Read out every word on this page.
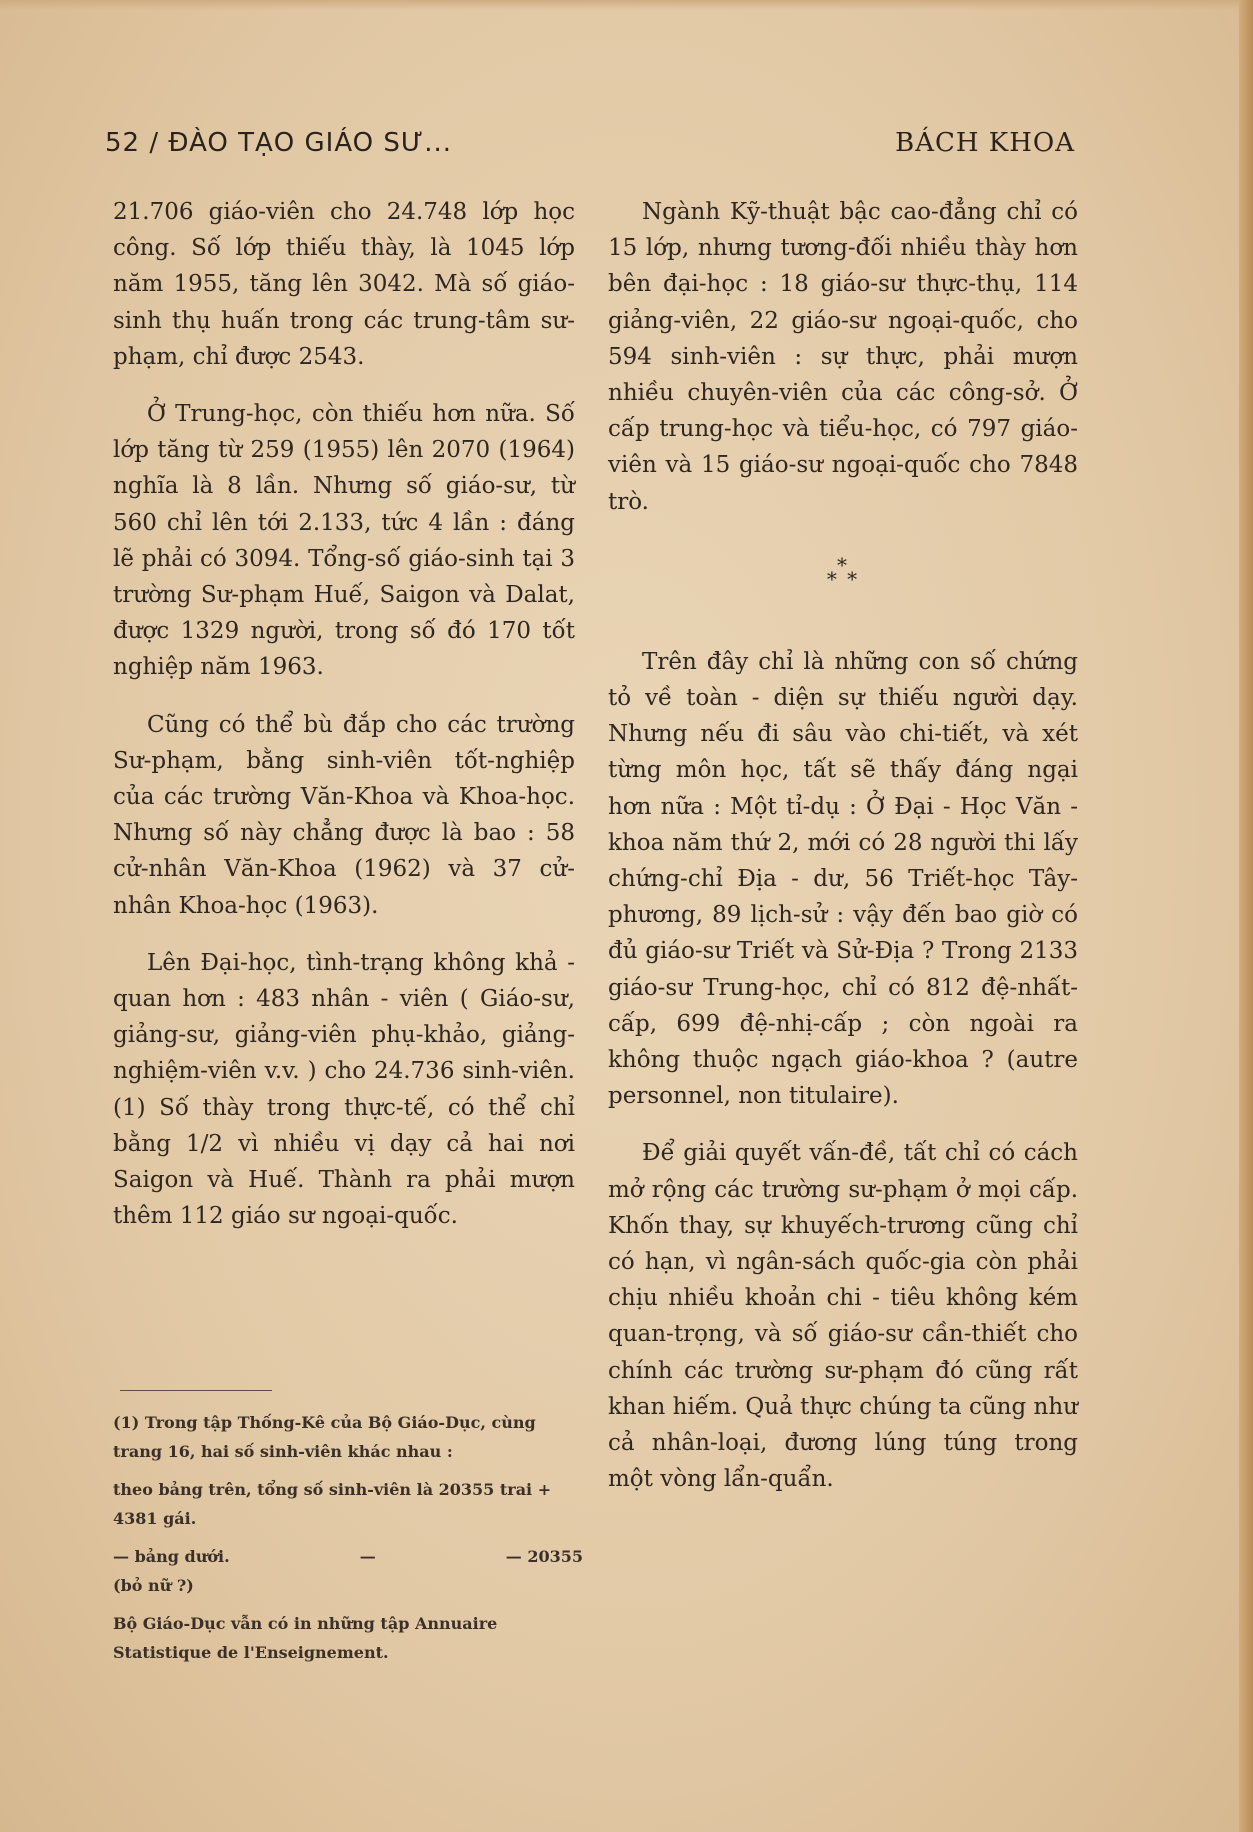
52 / ĐÀO TẠO GIÁO SƯ...	BÁCH KHOA

21.706 giáo-viên cho 24.748 lớp học công. Số lớp thiếu thày, là 1045 lớp năm 1955, tăng lên 3042. Mà số giáo-sinh thụ huấn trong các trung-tâm sư-phạm, chỉ được 2543.

Ở Trung-học, còn thiếu hơn nữa. Số lớp tăng từ 259 (1955) lên 2070 (1964) nghĩa là 8 lần. Nhưng số giáo-sư, từ 560 chỉ lên tới 2.133, tức 4 lần : đáng lẽ phải có 3094. Tổng-số giáo-sinh tại 3 trường Sư-phạm Huế, Saigon và Dalat, được 1329 người, trong số đó 170 tốt nghiệp năm 1963.

Cũng có thể bù đắp cho các trường Sư-phạm, bằng sinh-viên tốt-nghiệp của các trường Văn-Khoa và Khoa-học. Nhưng số này chẳng được là bao : 58 cử-nhân Văn-Khoa (1962) và 37 cử-nhân Khoa-học (1963).

Lên Đại-học, tình-trạng không khả - quan hơn : 483 nhân - viên ( Giáo-sư, giảng-sư, giảng-viên phụ-khảo, giảng-nghiệm-viên v.v. ) cho 24.736 sinh-viên. (1) Số thày trong thực-tế, có thể chỉ bằng 1/2 vì nhiều vị dạy cả hai nơi Saigon và Huế. Thành ra phải mượn thêm 112 giáo sư ngoại-quốc.

(1) Trong tập Thống-Kê của Bộ Giáo-Dục, cùng trang 16, hai số sinh-viên khác nhau :

theo bảng trên, tổng số sinh-viên là 20355 trai + 4381 gái.

— bảng dưới.	—	— 20355

(bỏ nữ ?)

Bộ Giáo-Dục vẫn có in những tập Annuaire Statistique de l'Enseignement.

Ngành Kỹ-thuật bậc cao-đẳng chỉ có 15 lớp, nhưng tương-đối nhiều thày hơn bên đại-học : 18 giáo-sư thực-thụ, 114 giảng-viên, 22 giáo-sư ngoại-quốc, cho 594 sinh-viên : sự thực, phải mượn nhiều chuyên-viên của các công-sở. Ở cấp trung-học và tiểu-học, có 797 giáo-viên và 15 giáo-sư ngoại-quốc cho 7848 trò.

*
* *

Trên đây chỉ là những con số chứng tỏ về toàn - diện sự thiếu người dạy. Nhưng nếu đi sâu vào chi-tiết, và xét từng môn học, tất sẽ thấy đáng ngại hơn nữa : Một tỉ-dụ : Ở Đại - Học Văn - khoa năm thứ 2, mới có 28 người thi lấy chứng-chỉ Địa - dư, 56 Triết-học Tây-phương, 89 lịch-sử : vậy đến bao giờ có đủ giáo-sư Triết và Sử-Địa ? Trong 2133 giáo-sư Trung-học, chỉ có 812 đệ-nhất-cấp, 699 đệ-nhị-cấp ; còn ngoài ra không thuộc ngạch giáo-khoa ? (autre personnel, non titulaire).

Để giải quyết vấn-đề, tất chỉ có cách mở rộng các trường sư-phạm ở mọi cấp. Khốn thay, sự khuyếch-trương cũng chỉ có hạn, vì ngân-sách quốc-gia còn phải chịu nhiều khoản chi - tiêu không kém quan-trọng, và số giáo-sư cần-thiết cho chính các trường sư-phạm đó cũng rất khan hiếm. Quả thực chúng ta cũng như cả nhân-loại, đương lúng túng trong một vòng lẩn-quẩn.
